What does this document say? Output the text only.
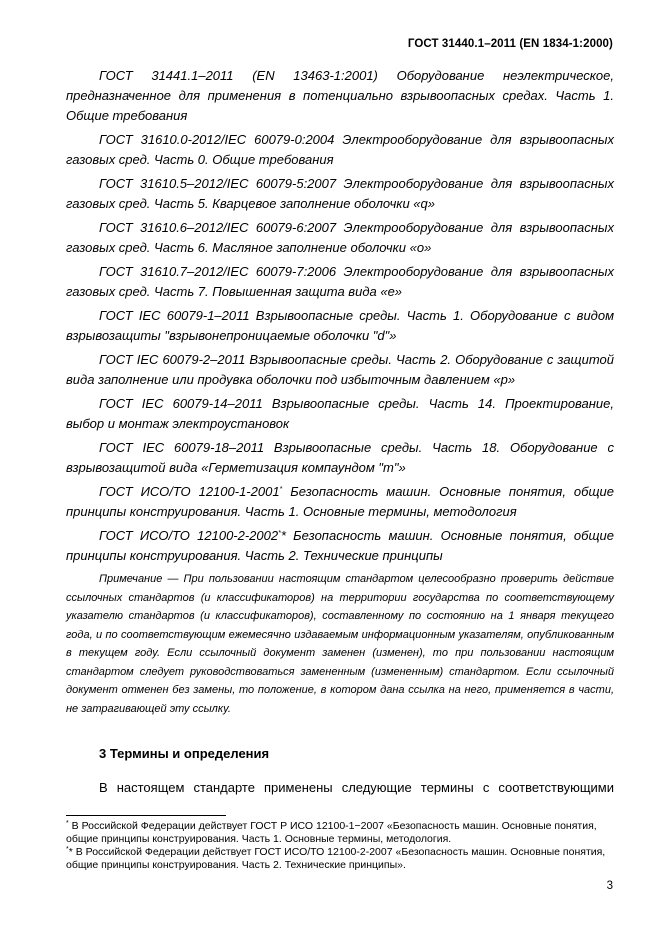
ГОСТ 31440.1–2011 (EN 1834-1:2000)

ГОСТ 31441.1–2011 (EN 13463-1:2001) Оборудование неэлектрическое, предназначенное для применения в потенциально взрывоопасных средах. Часть 1. Общие требования

ГОСТ 31610.0-2012/IEC 60079-0:2004 Электрооборудование для взрывоопасных газовых сред. Часть 0. Общие требования

ГОСТ 31610.5–2012/IEC 60079-5:2007 Электрооборудование для взрывоопасных газовых сред. Часть 5. Кварцевое заполнение оболочки «q»

ГОСТ 31610.6–2012/IEC 60079-6:2007 Электрооборудование для взрывоопасных газовых сред. Часть 6. Масляное заполнение оболочки «о»

ГОСТ 31610.7–2012/IEC 60079-7:2006 Электрооборудование для взрывоопасных газовых сред. Часть 7. Повышенная защита вида «е»

ГОСТ IEC 60079-1–2011 Взрывоопасные среды. Часть 1. Оборудование с видом взрывозащиты "взрывонепроницаемые оболочки "d"»

ГОСТ IEC 60079-2–2011 Взрывоопасные среды. Часть 2. Оборудование с защитой вида заполнение или продувка оболочки под избыточным давлением «р»

ГОСТ IEC 60079-14–2011 Взрывоопасные среды. Часть 14. Проектирование, выбор и монтаж электроустановок

ГОСТ IEC 60079-18–2011 Взрывоопасные среды. Часть 18. Оборудование с взрывозащитой вида «Герметизация компаундом "m"»

ГОСТ ИСО/ТО 12100-1-2001* Безопасность машин. Основные понятия, общие принципы конструирования. Часть 1. Основные термины, методология

ГОСТ ИСО/ТО 12100-2-2002** Безопасность машин. Основные понятия, общие принципы конструирования. Часть 2. Технические принципы

Примечание — При пользовании настоящим стандартом целесообразно проверить действие ссылочных стандартов (и классификаторов) на территории государства по соответствующему указателю стандартов (и классификаторов), составленному по состоянию на 1 января текущего года, и по соответствующим ежемесячно издаваемым информационным указателям, опубликованным в текущем году. Если ссылочный документ заменен (изменен), то при пользовании настоящим стандартом следует руководствоваться замененным (измененным) стандартом. Если ссылочный документ отменен без замены, то положение, в котором дана ссылка на него, применяется в части, не затрагивающей эту ссылку.

3 Термины и определения

В настоящем стандарте применены следующие термины с соответствующими

* В Российской Федерации действует ГОСТ Р ИСО 12100-1−2007 «Безопасность машин. Основные понятия, общие принципы конструирования. Часть 1. Основные термины, методология.

** В Российской Федерации действует ГОСТ ИСО/ТО 12100-2-2007 «Безопасность машин. Основные понятия, общие принципы конструирования. Часть 2. Технические принципы».

3
